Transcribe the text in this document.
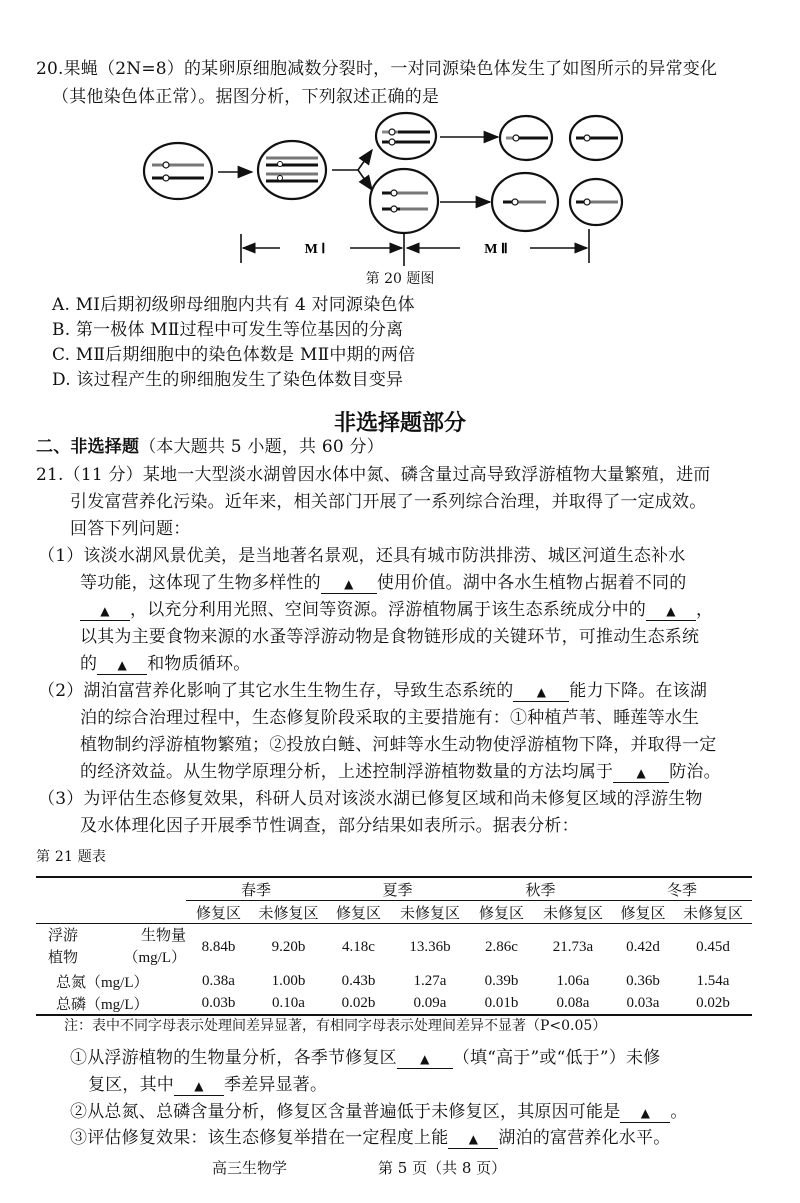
20.果蝇（2N=8）的某卵原细胞减数分裂时，一对同源染色体发生了如图所示的异常变化
（其他染色体正常）。据图分析，下列叙述正确的是
M Ⅰ	M Ⅱ
第 20 题图
A. MⅠ后期初级卵母细胞内共有 4 对同源染色体
B. 第一极体 MⅡ过程中可发生等位基因的分离
C. MⅡ后期细胞中的染色体数是 MⅡ中期的两倍
D. 该过程产生的卵细胞发生了染色体数目变异
非选择题部分
二、非选择题（本大题共 5 小题，共 60 分）
21.（11 分）某地一大型淡水湖曾因水体中氮、磷含量过高导致浮游植物大量繁殖，进而
引发富营养化污染。近年来，相关部门开展了一系列综合治理，并取得了一定成效。
回答下列问题：
（1）该淡水湖风景优美，是当地著名景观，还具有城市防洪排涝、城区河道生态补水
等功能，这体现了生物多样性的 ▲ 使用价值。湖中各水生植物占据着不同的
▲ ，以充分利用光照、空间等资源。浮游植物属于该生态系统成分中的 ▲ ，
以其为主要食物来源的水蚤等浮游动物是食物链形成的关键环节，可推动生态系统
的 ▲ 和物质循环。
（2）湖泊富营养化影响了其它水生生物生存，导致生态系统的 ▲ 能力下降。在该湖
泊的综合治理过程中，生态修复阶段采取的主要措施有：①种植芦苇、睡莲等水生
植物制约浮游植物繁殖；②投放白鲢、河蚌等水生动物使浮游植物下降，并取得一定
的经济效益。从生物学原理分析，上述控制浮游植物数量的方法均属于 ▲ 防治。
（3）为评估生态修复效果，科研人员对该淡水湖已修复区域和尚未修复区域的浮游生物
及水体理化因子开展季节性调查，部分结果如表所示。据表分析：
第 21 题表
	春季		夏季		秋季		冬季	
	修复区	未修复区	修复区	未修复区	修复区	未修复区	修复区	未修复区

浮游
植物
生物量
（mg/L）	8.84b	9.20b	4.18c	13.36b	2.86c	21.73a	0.42d	0.45d
总氮（mg/L）	0.38a	1.00b	0.43b	1.27a	0.39b	1.06a	0.36b	1.54a
总磷（mg/L）	0.03b	0.10a	0.02b	0.09a	0.01b	0.08a	0.03a	0.02b
注：表中不同字母表示处理间差异显著，有相同字母表示处理间差异不显著（P<0.05）
①从浮游植物的生物量分析，各季节修复区 ▲ （填“高于”或“低于”）未修
复区，其中 ▲ 季差异显著。
②从总氮、总磷含量分析，修复区含量普遍低于未修复区，其原因可能是 ▲ 。
③评估修复效果：该生态修复举措在一定程度上能 ▲ 湖泊的富营养化水平。
高三生物学	第 5 页（共 8 页）
